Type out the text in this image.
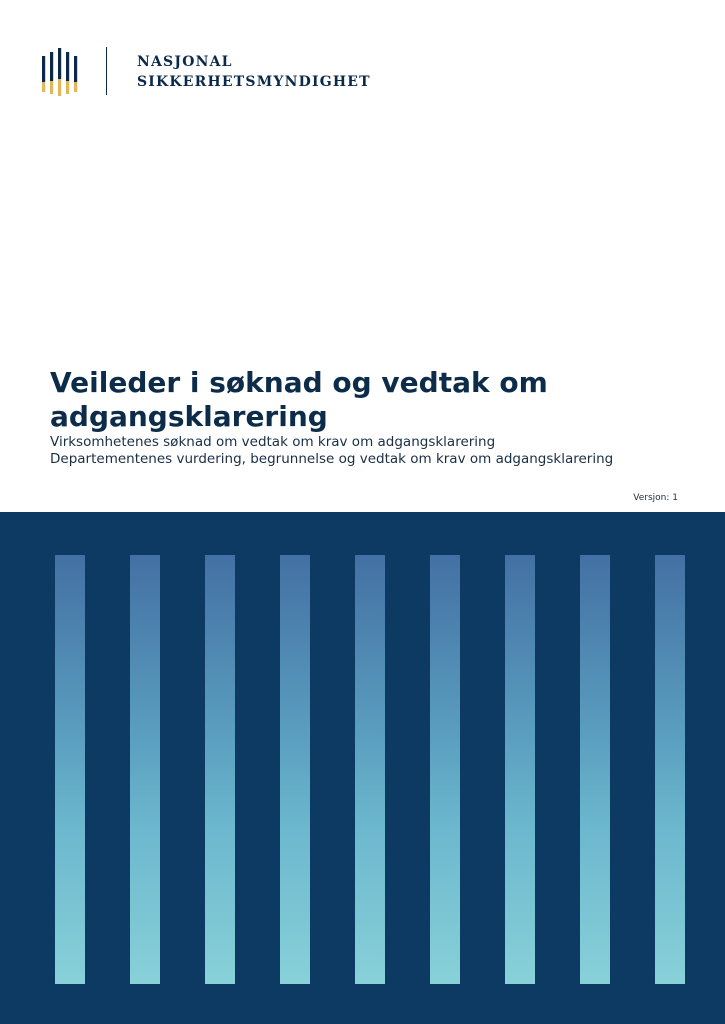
NASJONAL
SIKKERHETSMYNDIGHET
Veileder i søknad og vedtak om adgangsklarering
Virksomhetenes søknad om vedtak om krav om adgangsklarering
Departementenes vurdering, begrunnelse og vedtak om krav om adgangsklarering
Versjon: 1
